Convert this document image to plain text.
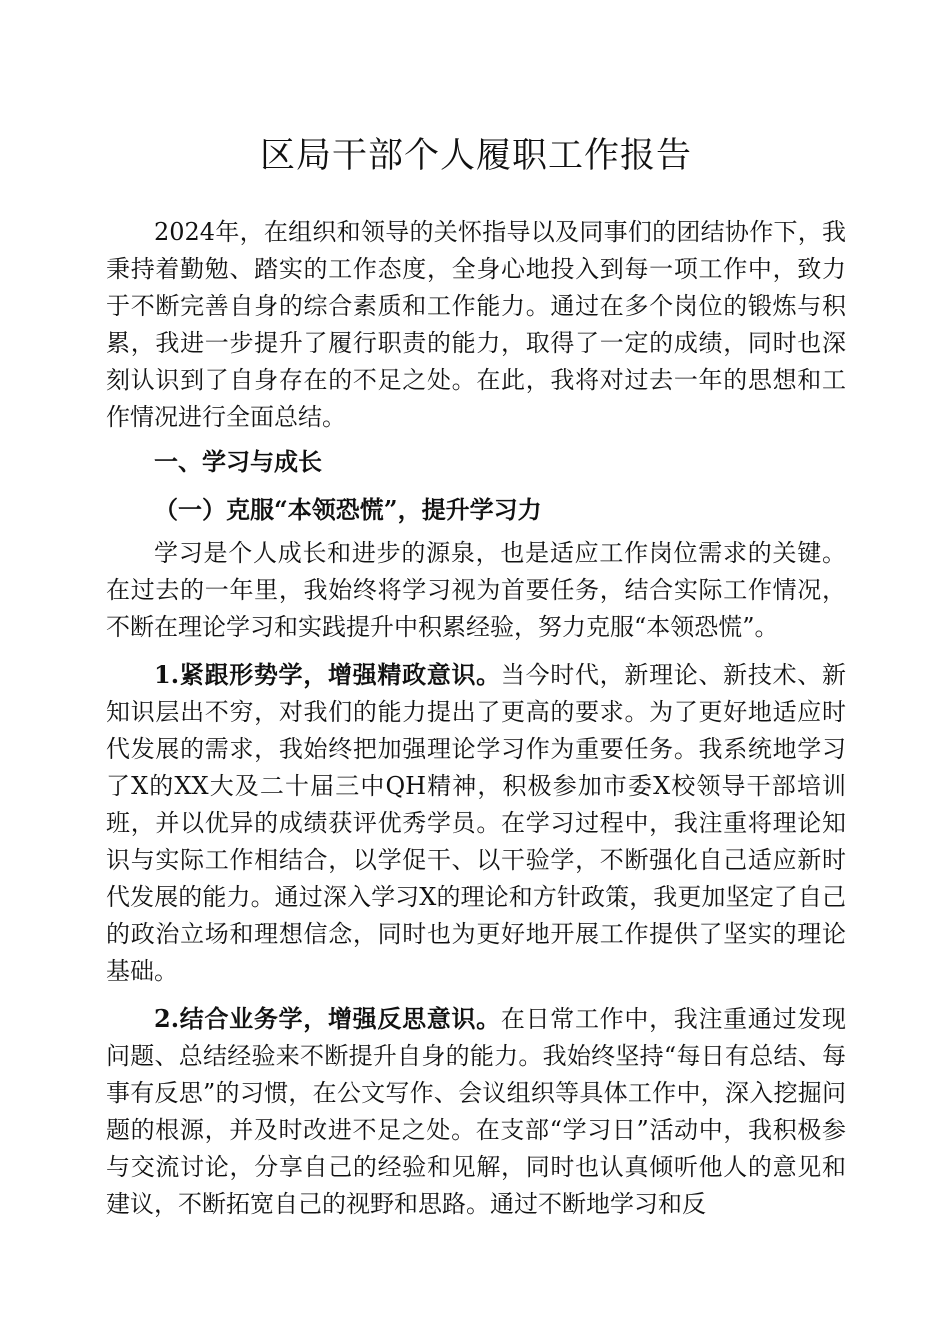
区局干部个人履职工作报告

2024年，在组织和领导的关怀指导以及同事们的团结协作下，我秉持着勤勉、踏实的工作态度，全身心地投入到每一项工作中，致力于不断完善自身的综合素质和工作能力。通过在多个岗位的锻炼与积累，我进一步提升了履行职责的能力，取得了一定的成绩，同时也深刻认识到了自身存在的不足之处。在此，我将对过去一年的思想和工作情况进行全面总结。

一、学习与成长

（一）克服“本领恐慌”，提升学习力

学习是个人成长和进步的源泉，也是适应工作岗位需求的关键。在过去的一年里，我始终将学习视为首要任务，结合实际工作情况，不断在理论学习和实践提升中积累经验，努力克服“本领恐慌”。

1.紧跟形势学，增强精政意识。当今时代，新理论、新技术、新知识层出不穷，对我们的能力提出了更高的要求。为了更好地适应时代发展的需求，我始终把加强理论学习作为重要任务。我系统地学习了X的XX大及二十届三中QH精神，积极参加市委X校领导干部培训班，并以优异的成绩获评优秀学员。在学习过程中，我注重将理论知识与实际工作相结合，以学促干、以干验学，不断强化自己适应新时代发展的能力。通过深入学习X的理论和方针政策，我更加坚定了自己的政治立场和理想信念，同时也为更好地开展工作提供了坚实的理论基础。

2.结合业务学，增强反思意识。在日常工作中，我注重通过发现问题、总结经验来不断提升自身的能力。我始终坚持“每日有总结、每事有反思”的习惯，在公文写作、会议组织等具体工作中，深入挖掘问题的根源，并及时改进不足之处。在支部“学习日”活动中，我积极参与交流讨论，分享自己的经验和见解，同时也认真倾听他人的意见和建议，不断拓宽自己的视野和思路。通过不断地学习和反
